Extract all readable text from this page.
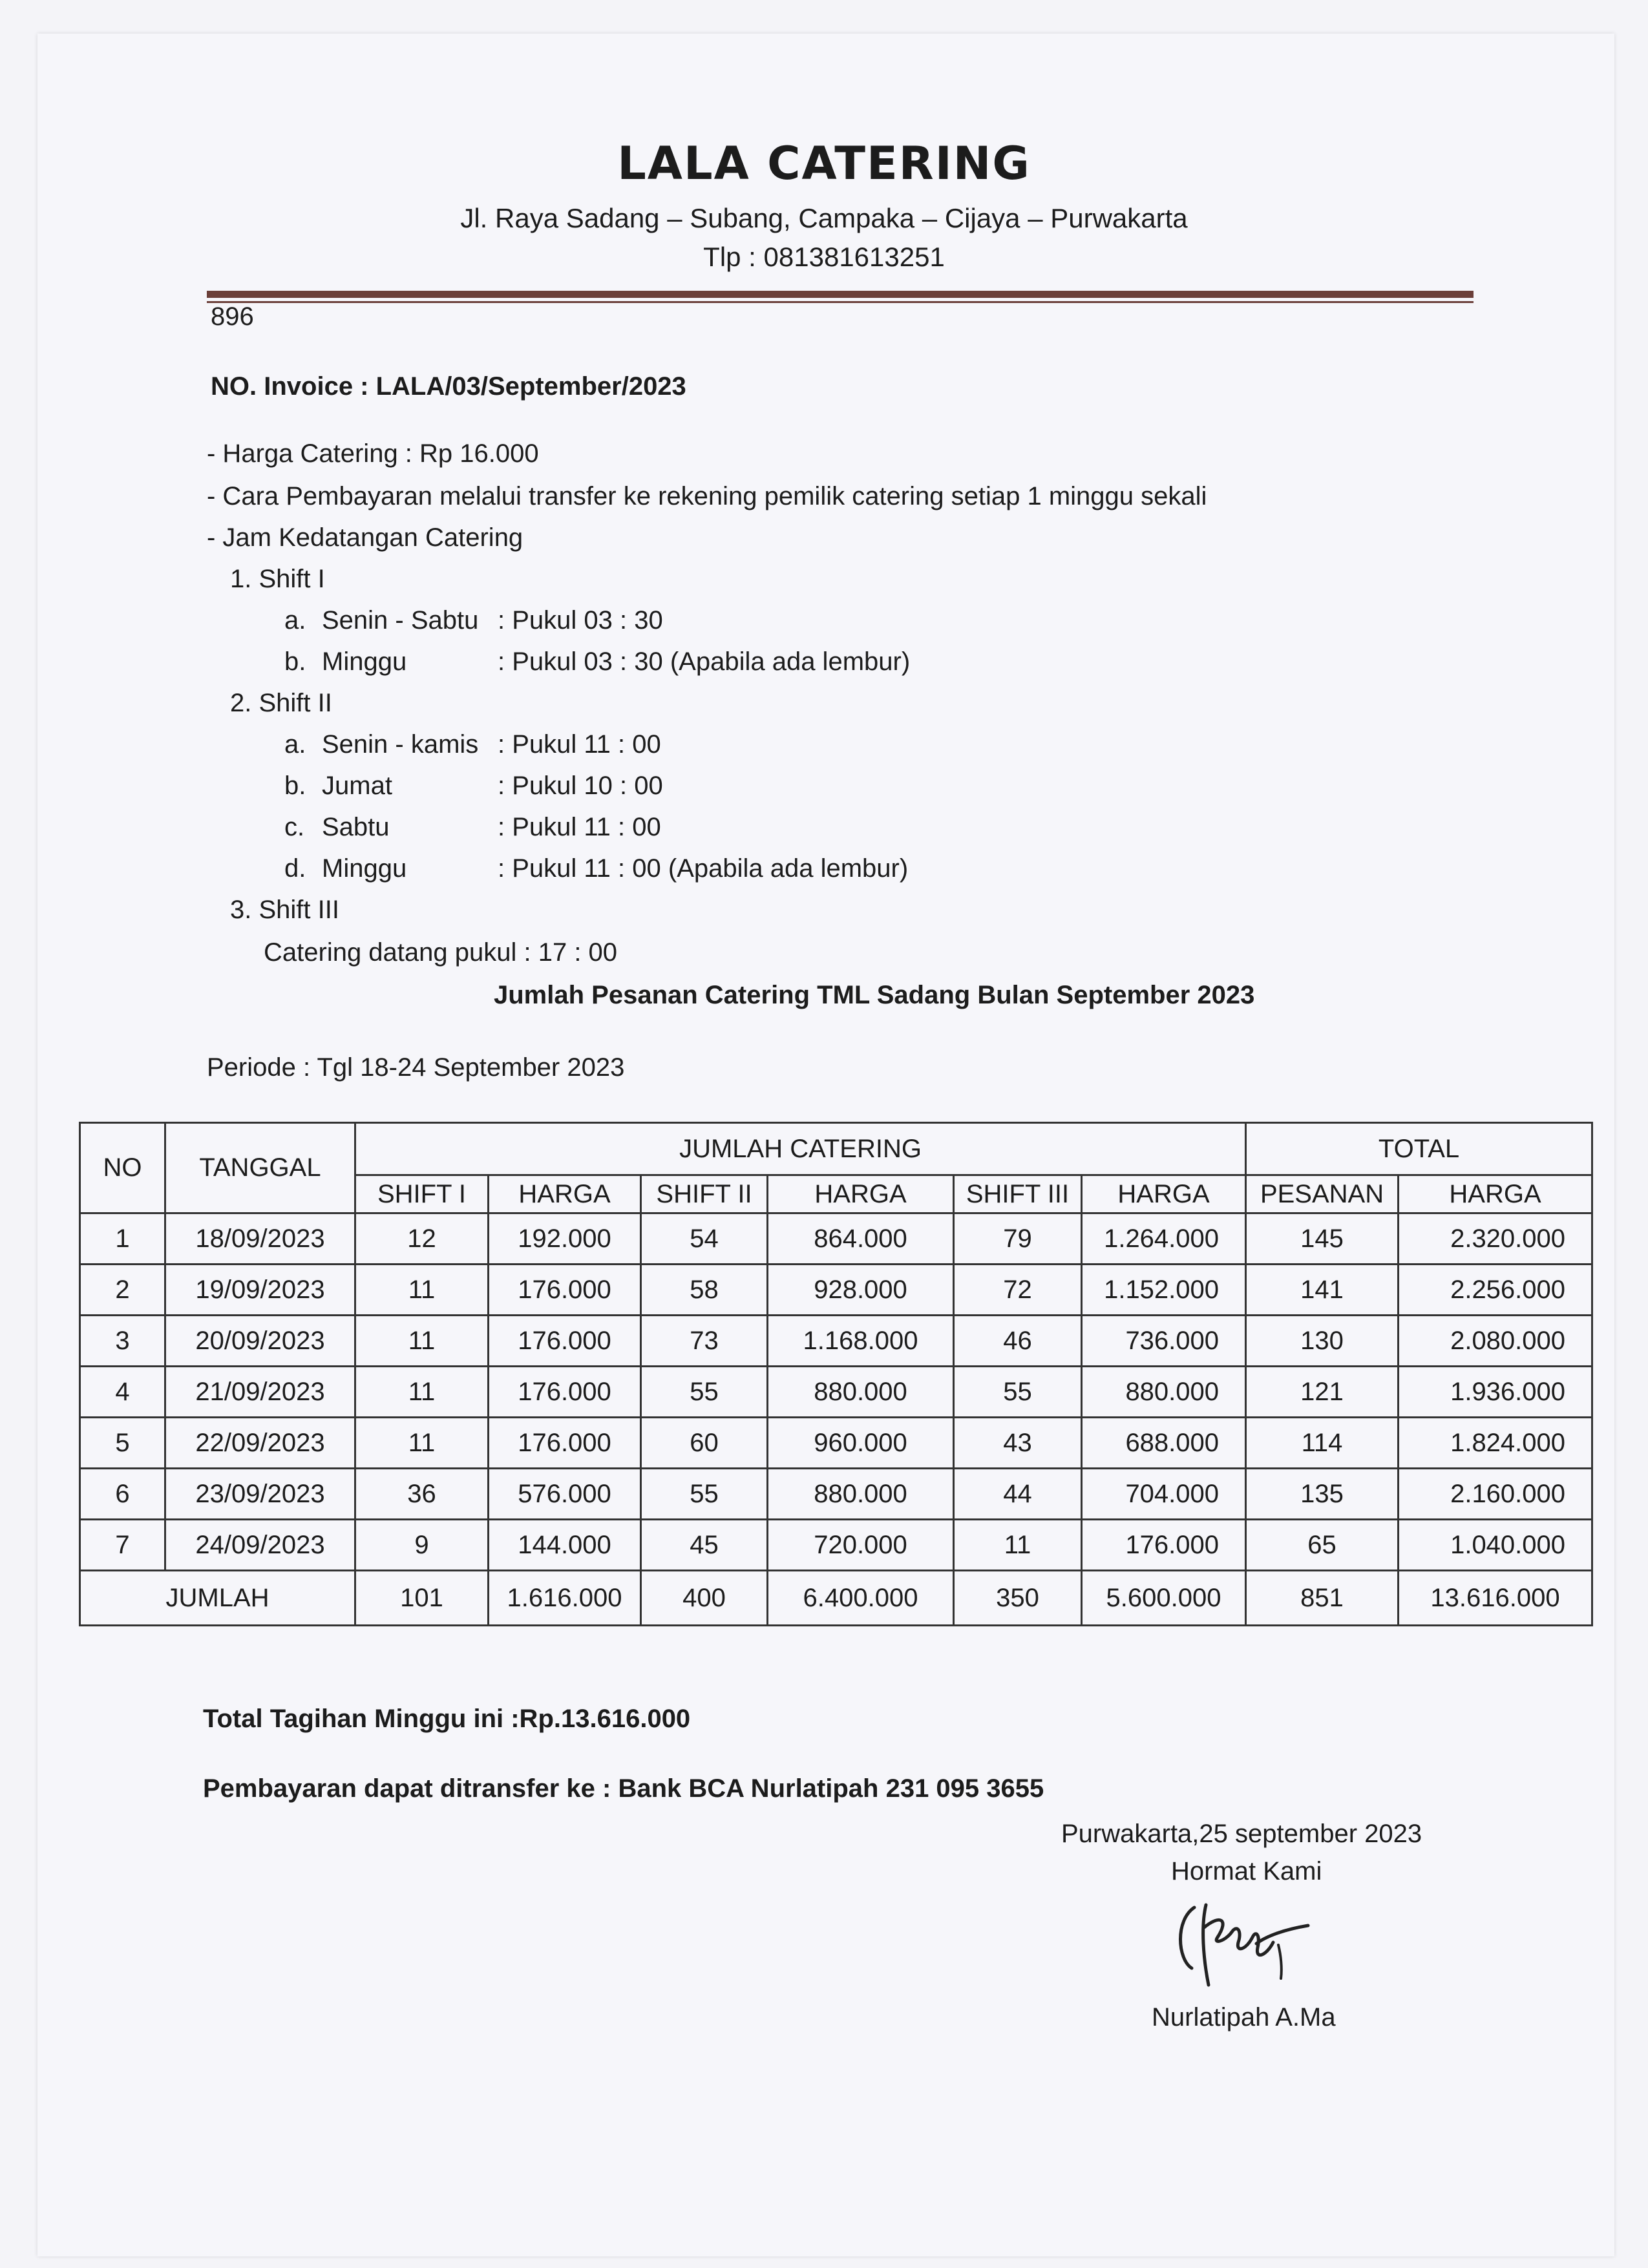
LALA CATERING
Jl. Raya Sadang – Subang, Campaka – Cijaya – Purwakarta
Tlp : 081381613251
896
NO. Invoice : LALA/03/September/2023
- Harga Catering : Rp 16.000
- Cara Pembayaran melalui transfer ke rekening pemilik catering setiap 1 minggu sekali
- Jam Kedatangan Catering
1. Shift I
a. Senin - Sabtu : Pukul 03 : 30
b. Minggu	: Pukul 03 : 30 (Apabila ada lembur)
2. Shift II
a. Senin - kamis : Pukul 11 : 00
b. Jumat	: Pukul 10 : 00
c. Sabtu	: Pukul 11 : 00
d. Minggu	: Pukul 11 : 00 (Apabila ada lembur)
3. Shift III
Catering datang pukul : 17 : 00
Jumlah Pesanan Catering TML Sadang Bulan September 2023
Periode : Tgl 18-24 September 2023
NO	TANGGAL	JUMLAH CATERING						TOTAL	
		SHIFT I	HARGA	SHIFT II	HARGA	SHIFT III	HARGA	PESANAN	HARGA
1	18/09/2023	12	192.000	54	864.000	79	1.264.000	145	2.320.000
2	19/09/2023	11	176.000	58	928.000	72	1.152.000	141	2.256.000
3	20/09/2023	11	176.000	73	1.168.000	46	736.000	130	2.080.000
4	21/09/2023	11	176.000	55	880.000	55	880.000	121	1.936.000
5	22/09/2023	11	176.000	60	960.000	43	688.000	114	1.824.000
6	23/09/2023	36	576.000	55	880.000	44	704.000	135	2.160.000
7	24/09/2023	9	144.000	45	720.000	11	176.000	65	1.040.000
JUMLAH		101	1.616.000	400	6.400.000	350	5.600.000	851	13.616.000
Total Tagihan Minggu ini :Rp.13.616.000
Pembayaran dapat ditransfer ke : Bank BCA Nurlatipah 231 095 3655
Purwakarta,25 september 2023
Hormat Kami
Nurlatipah A.Ma
